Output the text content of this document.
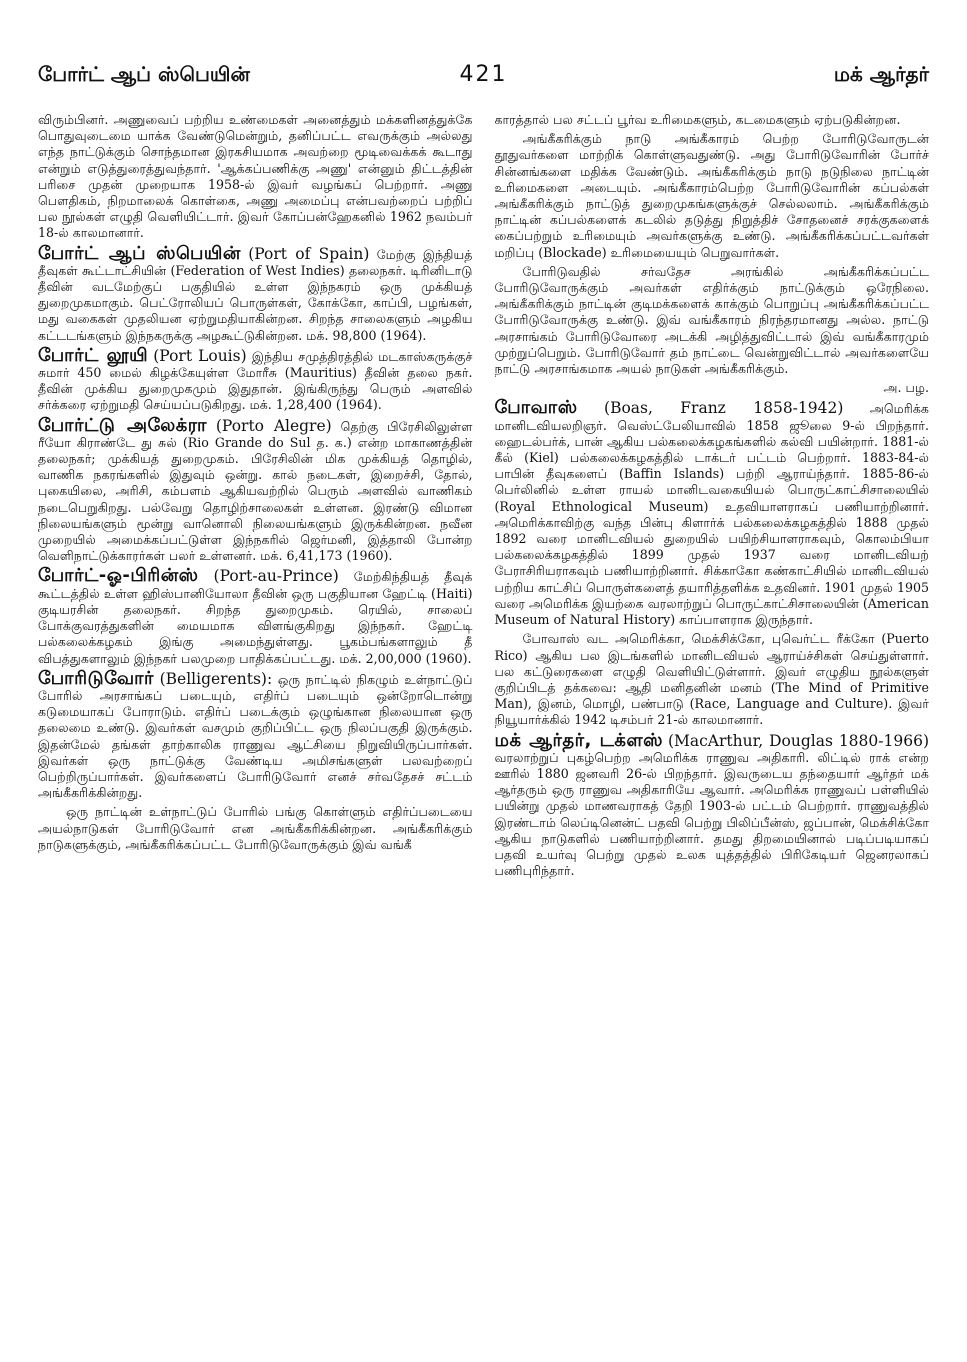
போர்ட் ஆப் ஸ்பெயின்	421	மக் ஆர்தர்

விரும்பினர். அணுவைப் பற்றிய உண்மைகள் அனைத்தும் மக்களினத்துக்கே பொதுவுடைமை யாக்க வேண்டுமென்றும், தனிப்பட்ட எவருக்கும் அல்லது எந்த நாட்டுக்கும் சொந்தமான இரகசியமாக அவற்றை மூடிவைக்கக் கூடாது என்றும் எடுத்துரைத்துவந்தார். 'ஆக்கப்பணிக்கு அணு' என்னும் திட்டத்தின் பரிசை முதன் முறையாக 1958-ல் இவர் வழங்கப் பெற்றார். அணு பௌதிகம், நிறமாலைக் கொள்கை, அணு அமைப்பு என்பவற்றைப் பற்றிப் பல நூல்கள் எழுதி வெளியிட்டார். இவர் கோப்பன்ஹேகனில் 1962 நவம்பர் 18-ல் காலமானார்.

போர்ட் ஆப் ஸ்பெயின் (Port of Spain) மேற்கு இந்தியத் தீவுகள் கூட்டாட்சியின் (Federation of West Indies) தலைநகர். டிரினிடாடு தீவின் வடமேற்குப் பகுதியில் உள்ள இந்நகரம் ஒரு முக்கியத் துறைமுகமாகும். பெட்ரோலியப் பொருள்கள், கோக்கோ, காப்பி, பழங்கள், மது வகைகள் முதலியன ஏற்றுமதியாகின்றன. சிறந்த சாலைகளும் அழகிய கட்டடங்களும் இந்நகருக்கு அழகூட்டுகின்றன. மக். 98,800 (1964).

போர்ட் லூயி (Port Louis) இந்திய சமுத்திரத்தில் மடகாஸ்கருக்குச் சுமார் 450 மைல் கிழக்கேயுள்ள மோரீசு (Mauritius) தீவின் தலை நகர். தீவின் முக்கிய துறைமுகமும் இதுதான். இங்கிருந்து பெரும் அளவில் சர்க்கரை ஏற்றுமதி செய்யப்படுகிறது. மக். 1,28,400 (1964).

போர்ட்டு அலேக்ரா (Porto Alegre) தெற்கு பிரேசிலிலுள்ள ரீயோ கிராண்டே து சுல் (Rio Grande do Sul த. க.) என்ற மாகாணத்தின் தலைநகர்; முக்கியத் துறைமுகம். பிரேசிலின் மிக முக்கியத் தொழில், வாணிக நகரங்களில் இதுவும் ஒன்று. கால் நடைகள், இறைச்சி, தோல், புகையிலை, அரிசி, கம்பளம் ஆகியவற்றில் பெரும் அளவில் வாணிகம் நடைபெறுகிறது. பல்வேறு தொழிற்சாலைகள் உள்ளன. இரண்டு விமான நிலையங்களும் மூன்று வானொலி நிலையங்களும் இருக்கின்றன. நவீன முறையில் அமைக்கப்பட்டுள்ள இந்நகரில் ஜெர்மனி, இத்தாலி போன்ற வெளிநாட்டுக்காரர்கள் பலர் உள்ளனர். மக். 6,41,173 (1960).

போர்ட்-ஓ-பிரின்ஸ் (Port-au-Prince) மேற்கிந்தியத் தீவுக் கூட்டத்தில் உள்ள ஹிஸ்பானியோலா தீவின் ஒரு பகுதியான ஹேட்டி (Haiti) குடியரசின் தலைநகர். சிறந்த துறைமுகம். ரெயில், சாலைப் போக்குவரத்துகளின் மையமாக விளங்குகிறது இந்நகர். ஹேட்டி பல்கலைக்கழகம் இங்கு அமைந்துள்ளது. பூகம்பங்களாலும் தீ விபத்துகளாலும் இந்நகர் பலமுறை பாதிக்கப்பட்டது. மக். 2,00,000 (1960).

போரிடுவோர் (Belligerents): ஒரு நாட்டில் நிகழும் உள்நாட்டுப் போரில் அரசாங்கப் படையும், எதிர்ப் படையும் ஒன்றோடொன்று கடுமையாகப் போராடும். எதிர்ப் படைக்கும் ஒழுங்கான நிலையான ஒரு தலைமை உண்டு. இவர்கள் வசமும் குறிப்பிட்ட ஒரு நிலப்பகுதி இருக்கும். இதன்மேல் தங்கள் தாற்காலிக ராணுவ ஆட்சியை நிறுவியிருப்பார்கள். இவர்கள் ஒரு நாட்டுக்கு வேண்டிய அமிசங்களுள் பலவற்றைப் பெற்றிருப்பார்கள். இவர்களைப் போரிடுவோர் எனச் சர்வதேசச் சட்டம் அங்கீகரிக்கின்றது.

ஒரு நாட்டின் உள்நாட்டுப் போரில் பங்கு கொள்ளும் எதிர்ப்படையை அயல்நாடுகள் போரிடுவோர் என அங்கீகரிக்கின்றன. அங்கீகரிக்கும் நாடுகளுக்கும், அங்கீகரிக்கப்பட்ட போரிடுவோருக்கும் இவ் வங்கீ

காரத்தால் பல சட்டப் பூர்வ உரிமைகளும், கடமைகளும் ஏற்படுகின்றன.

அங்கீகரிக்கும் நாடு அங்கீகாரம் பெற்ற போரிடுவோருடன் தூதுவர்களை மாற்றிக் கொள்ளுவதுண்டு. அது போரிடுவோரின் போர்ச் சின்னங்களை மதிக்க வேண்டும். அங்கீகரிக்கும் நாடு நடுநிலை நாட்டின் உரிமைகளை அடையும். அங்கீகாரம்பெற்ற போரிடுவோரின் கப்பல்கள் அங்கீகரிக்கும் நாட்டுத் துறைமுகங்களுக்குச் செல்லலாம். அங்கீகரிக்கும் நாட்டின் கப்பல்களைக் கடலில் தடுத்து நிறுத்திச் சோதனைச் சரக்குகளைக் கைப்பற்றும் உரிமையும் அவர்களுக்கு உண்டு. அங்கீகரிக்கப்பட்டவர்கள் மறிப்பு (Blockade) உரிமையையும் பெறுவார்கள்.

போரிடுவதில் சர்வதேச அரங்கில் அங்கீகரிக்கப்பட்ட போரிடுவோருக்கும் அவர்கள் எதிர்க்கும் நாட்டுக்கும் ஒரேநிலை. அங்கீகரிக்கும் நாட்டின் குடிமக்களைக் காக்கும் பொறுப்பு அங்கீகரிக்கப்பட்ட போரிடுவோருக்கு உண்டு. இவ் வங்கீகாரம் நிரந்தரமானது அல்ல. நாட்டு அரசாங்கம் போரிடுவோரை அடக்கி அழித்துவிட்டால் இவ் வங்கீகாரமும் முற்றுப்பெறும். போரிடுவோர் தம் நாட்டை வென்றுவிட்டால் அவர்களையே நாட்டு அரசாங்கமாக அயல் நாடுகள் அங்கீகரிக்கும்.

அ. பழ.

போவாஸ் (Boas, Franz 1858-1942) அமெரிக்க மானிடவியலறிஞர். வெஸ்ட்பேலியாவில் 1858 ஜூலை 9-ல் பிறந்தார். ஹைடல்பர்க், பான் ஆகிய பல்கலைக்கழகங்களில் கல்வி பயின்றார். 1881-ல் கீல் (Kiel) பல்கலைக்கழகத்தில் டாக்டர் பட்டம் பெற்றார். 1883-84-ல் பாபின் தீவுகளைப் (Baffin Islands) பற்றி ஆராய்ந்தார். 1885-86-ல் பெர்லினில் உள்ள ராயல் மானிடவகையியல் பொருட்காட்சிசாலையில் (Royal Ethnological Museum) உதவியாளராகப் பணியாற்றினார். அமெரிக்காவிற்கு வந்த பின்பு கிளார்க் பல்கலைக்கழகத்தில் 1888 முதல் 1892 வரை மானிடவியல் துறையில் பயிற்சியாளராகவும், கொலம்பியா பல்கலைக்கழகத்தில் 1899 முதல் 1937 வரை மானிடவியற் பேராசிரியராகவும் பணியாற்றினார். சிக்காகோ கண்காட்சியில் மானிடவியல் பற்றிய காட்சிப் பொருள்களைத் தயாரித்தளிக்க உதவினர். 1901 முதல் 1905 வரை அமெரிக்க இயற்கை வரலாற்றுப் பொருட்காட்சிசாலையின் (American Museum of Natural History) காப்பாளராக இருந்தார்.

போவாஸ் வட அமெரிக்கா, மெக்சிக்கோ, புவெர்ட்ட ரீக்கோ (Puerto Rico) ஆகிய பல இடங்களில் மானிடவியல் ஆராய்ச்சிகள் செய்துள்ளார். பல கட்டுரைகளை எழுதி வெளியிட்டுள்ளார். இவர் எழுதிய நூல்களுள் குறிப்பிடத் தக்கவை: ஆதி மனிதனின் மனம் (The Mind of Primitive Man), இனம், மொழி, பண்பாடு (Race, Language and Culture). இவர் நியூயார்க்கில் 1942 டிசம்பர் 21-ல் காலமானார்.

மக் ஆர்தர், டக்ளஸ் (MacArthur, Douglas 1880-1966) வரலாற்றுப் புகழ்பெற்ற அமெரிக்க ராணுவ அதிகாரி. லிட்டில் ராக் என்ற ஊரில் 1880 ஜனவரி 26-ல் பிறந்தார். இவருடைய தந்தையார் ஆர்தர் மக் ஆர்தரும் ஒரு ராணுவ அதிகாரியே ஆவார். அமெரிக்க ராணுவப் பள்ளியில் பயின்று முதல் மாணவராகத் தேறி 1903-ல் பட்டம் பெற்றார். ராணுவத்தில் இரண்டாம் லெப்டினென்ட் பதவி பெற்று பிலிப்பீன்ஸ், ஜப்பான், மெக்சிக்கோ ஆகிய நாடுகளில் பணியாற்றினார். தமது திறமையினால் படிப்படியாகப் பதவி உயர்வு பெற்று முதல் உலக யுத்தத்தில் பிரிகேடியர் ஜெனரலாகப் பணிபுரிந்தார்.
